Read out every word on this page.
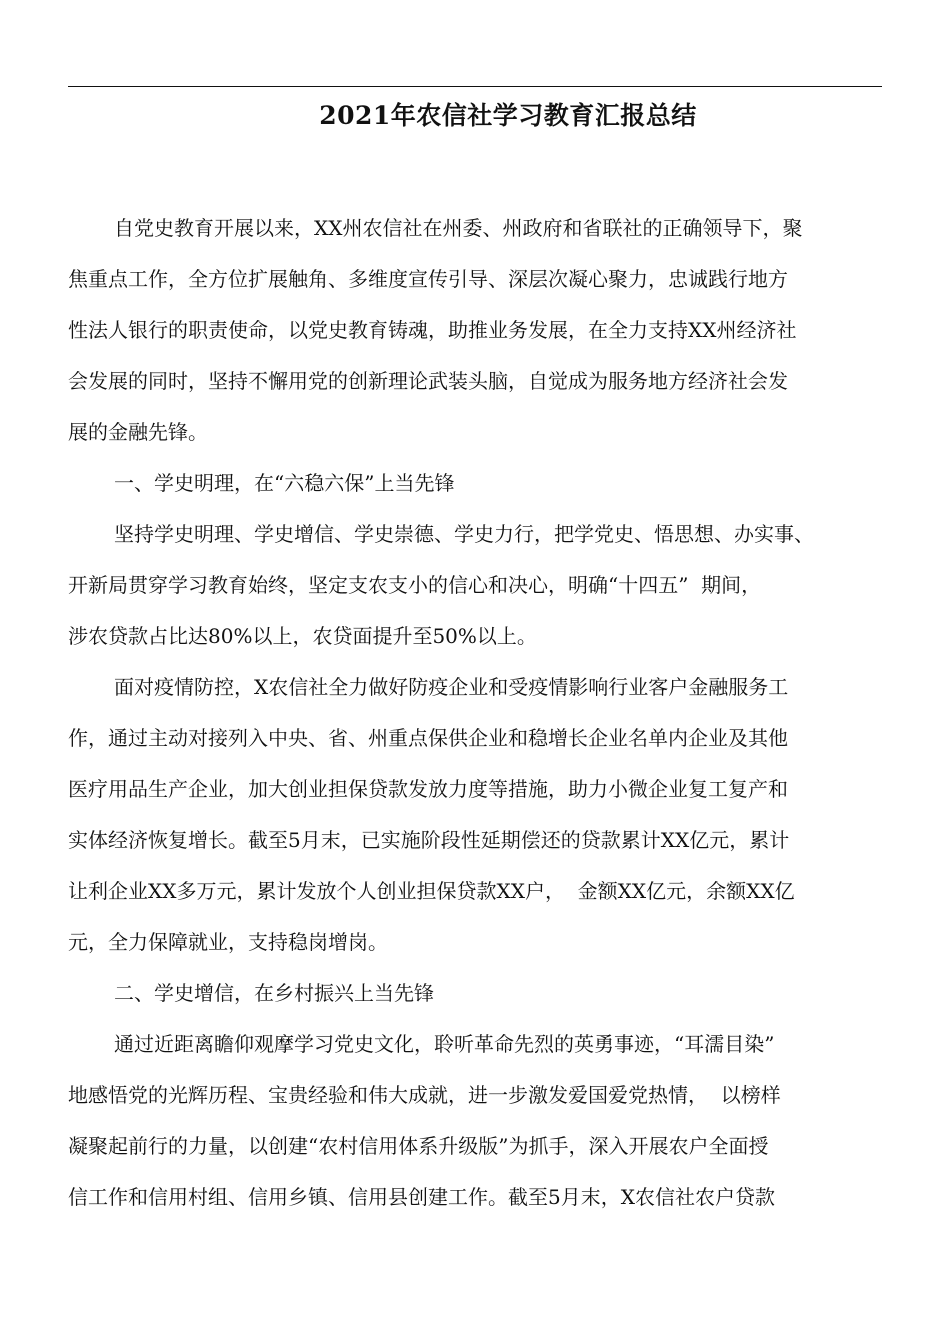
2021年农信社学习教育汇报总结

自党史教育开展以来，XX州农信社在州委、州政府和省联社的正确领导下，聚
焦重点工作，全方位扩展触角、多维度宣传引导、深层次凝心聚力，忠诚践行地方
性法人银行的职责使命，以党史教育铸魂，助推业务发展，在全力支持XX州经济社
会发展的同时，坚持不懈用党的创新理论武装头脑，自觉成为服务地方经济社会发
展的金融先锋。

一、学史明理，在“六稳六保”上当先锋

坚持学史明理、学史增信、学史崇德、学史力行，把学党史、悟思想、办实事、
开新局贯穿学习教育始终，坚定支农支小的信心和决心，明确“十四五”  期间，
涉农贷款占比达80%以上，农贷面提升至50%以上。

面对疫情防控，X农信社全力做好防疫企业和受疫情影响行业客户金融服务工
作，通过主动对接列入中央、省、州重点保供企业和稳增长企业名单内企业及其他
医疗用品生产企业，加大创业担保贷款发放力度等措施，助力小微企业复工复产和
实体经济恢复增长。截至5月末，已实施阶段性延期偿还的贷款累计XX亿元，累计
让利企业XX多万元，累计发放个人创业担保贷款XX户，  金额XX亿元，余额XX亿
元，全力保障就业，支持稳岗增岗。

二、学史增信，在乡村振兴上当先锋

通过近距离瞻仰观摩学习党史文化，聆听革命先烈的英勇事迹，“耳濡目染”
地感悟党的光辉历程、宝贵经验和伟大成就，进一步激发爱国爱党热情，  以榜样
凝聚起前行的力量，以创建“农村信用体系升级版”为抓手，深入开展农户全面授
信工作和信用村组、信用乡镇、信用县创建工作。截至5月末，X农信社农户贷款
